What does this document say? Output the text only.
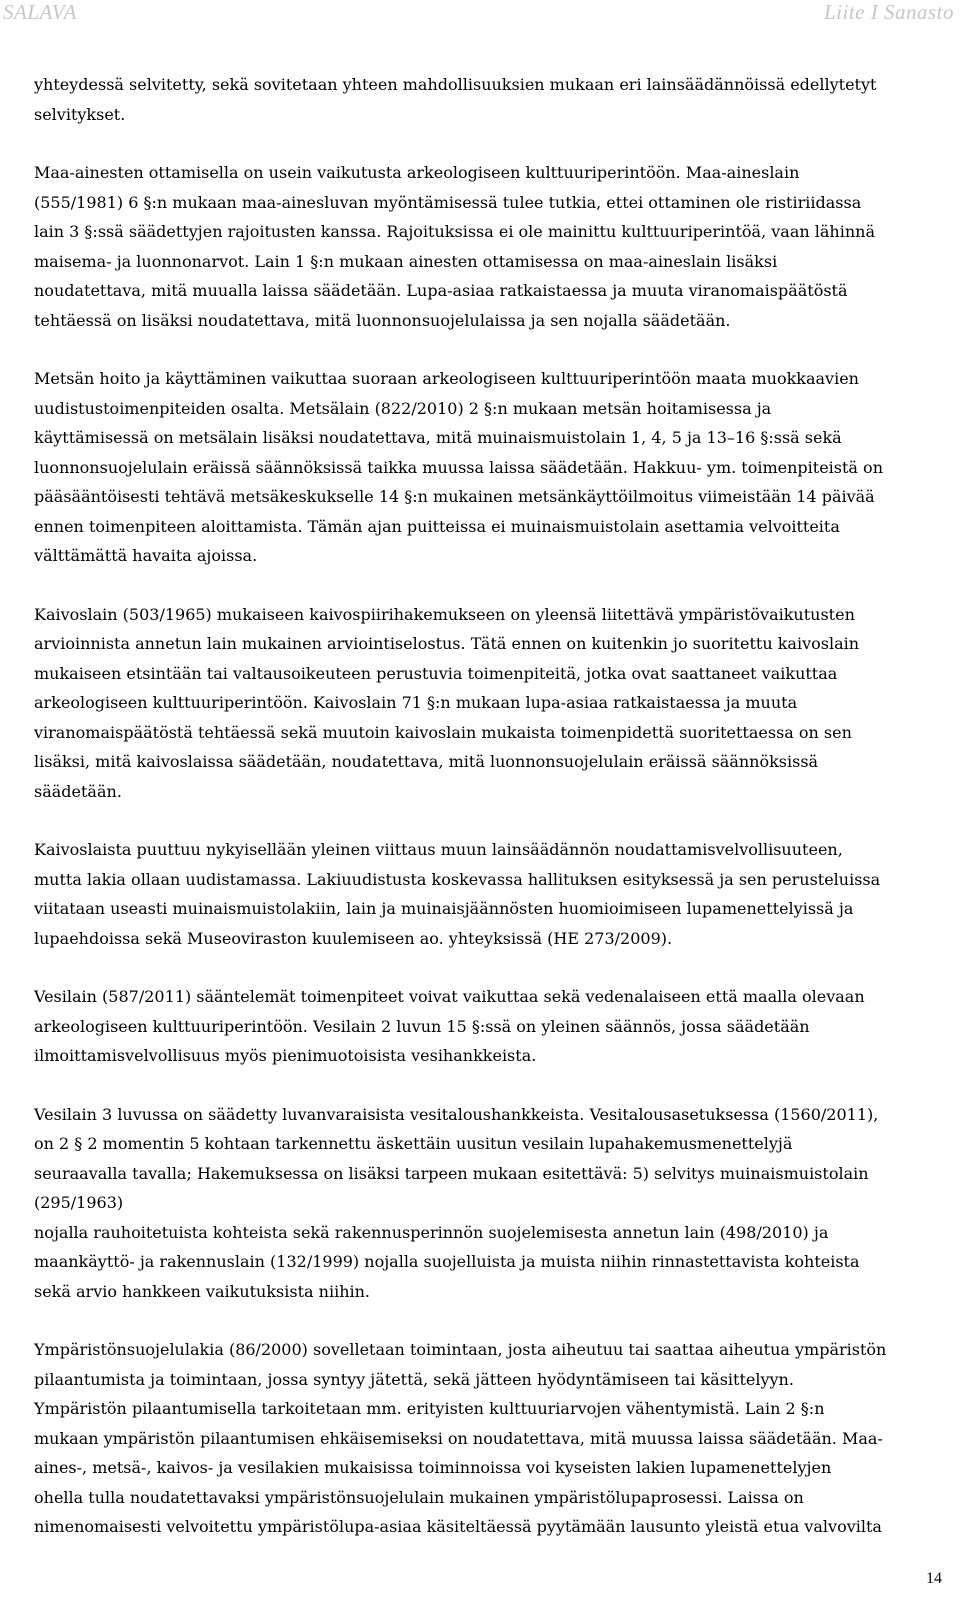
SALAVA	Liite I Sanasto

yhteydessä selvitetty, sekä sovitetaan yhteen mahdollisuuksien mukaan eri lainsäädännöissä edellytetyt
selvitykset.

Maa-ainesten ottamisella on usein vaikutusta arkeologiseen kulttuuriperintöön. Maa-aineslain
(555/1981) 6 §:n mukaan maa-ainesluvan myöntämisessä tulee tutkia, ettei ottaminen ole ristiriidassa
lain 3 §:ssä säädettyjen rajoitusten kanssa. Rajoituksissa ei ole mainittu kulttuuriperintöä, vaan lähinnä
maisema- ja luonnonarvot. Lain 1 §:n mukaan ainesten ottamisessa on maa-aineslain lisäksi
noudatettava, mitä muualla laissa säädetään. Lupa-asiaa ratkaistaessa ja muuta viranomaispäätöstä
tehtäessä on lisäksi noudatettava, mitä luonnonsuojelulaissa ja sen nojalla säädetään.

Metsän hoito ja käyttäminen vaikuttaa suoraan arkeologiseen kulttuuriperintöön maata muokkaavien
uudistustoimenpiteiden osalta. Metsälain (822/2010) 2 §:n mukaan metsän hoitamisessa ja
käyttämisessä on metsälain lisäksi noudatettava, mitä muinaismuistolain 1, 4, 5 ja 13–16 §:ssä sekä
luonnonsuojelulain eräissä säännöksissä taikka muussa laissa säädetään. Hakkuu- ym. toimenpiteistä on
pääsääntöisesti tehtävä metsäkeskukselle 14 §:n mukainen metsänkäyttöilmoitus viimeistään 14 päivää
ennen toimenpiteen aloittamista. Tämän ajan puitteissa ei muinaismuistolain asettamia velvoitteita
välttämättä havaita ajoissa.

Kaivoslain (503/1965) mukaiseen kaivospiirihakemukseen on yleensä liitettävä ympäristövaikutusten
arvioinnista annetun lain mukainen arviointiselostus. Tätä ennen on kuitenkin jo suoritettu kaivoslain
mukaiseen etsintään tai valtausoikeuteen perustuvia toimenpiteitä, jotka ovat saattaneet vaikuttaa
arkeologiseen kulttuuriperintöön. Kaivoslain 71 §:n mukaan lupa-asiaa ratkaistaessa ja muuta
viranomaispäätöstä tehtäessä sekä muutoin kaivoslain mukaista toimenpidettä suoritettaessa on sen
lisäksi, mitä kaivoslaissa säädetään, noudatettava, mitä luonnonsuojelulain eräissä säännöksissä
säädetään.

Kaivoslaista puuttuu nykyisellään yleinen viittaus muun lainsäädännön noudattamisvelvollisuuteen,
mutta lakia ollaan uudistamassa. Lakiuudistusta koskevassa hallituksen esityksessä ja sen perusteluissa
viitataan useasti muinaismuistolakiin, lain ja muinaisjäännösten huomioimiseen lupamenettelyissä ja
lupaehdoissa sekä Museoviraston kuulemiseen ao. yhteyksissä (HE 273/2009).

Vesilain (587/2011) sääntelemät toimenpiteet voivat vaikuttaa sekä vedenalaiseen että maalla olevaan
arkeologiseen kulttuuriperintöön. Vesilain 2 luvun 15 §:ssä on yleinen säännös, jossa säädetään
ilmoittamisvelvollisuus myös pienimuotoisista vesihankkeista.

Vesilain 3 luvussa on säädetty luvanvaraisista vesitaloushankkeista. Vesitalousasetuksessa (1560/2011),
on 2 § 2 momentin 5 kohtaan tarkennettu äskettäin uusitun vesilain lupahakemusmenettelyjä
seuraavalla tavalla; Hakemuksessa on lisäksi tarpeen mukaan esitettävä: 5) selvitys muinaismuistolain
(295/1963)
nojalla rauhoitetuista kohteista sekä rakennusperinnön suojelemisesta annetun lain (498/2010) ja
maankäyttö- ja rakennuslain (132/1999) nojalla suojelluista ja muista niihin rinnastettavista kohteista
sekä arvio hankkeen vaikutuksista niihin.

Ympäristönsuojelulakia (86/2000) sovelletaan toimintaan, josta aiheutuu tai saattaa aiheutua ympäristön
pilaantumista ja toimintaan, jossa syntyy jätettä, sekä jätteen hyödyntämiseen tai käsittelyyn.
Ympäristön pilaantumisella tarkoitetaan mm. erityisten kulttuuriarvojen vähentymistä. Lain 2 §:n
mukaan ympäristön pilaantumisen ehkäisemiseksi on noudatettava, mitä muussa laissa säädetään. Maa-
aines-, metsä-, kaivos- ja vesilakien mukaisissa toiminnoissa voi kyseisten lakien lupamenettelyjen
ohella tulla noudatettavaksi ympäristönsuojelulain mukainen ympäristölupaprosessi. Laissa on
nimenomaisesti velvoitettu ympäristölupa-asiaa käsiteltäessä pyytämään lausunto yleistä etua valvovilta

14
